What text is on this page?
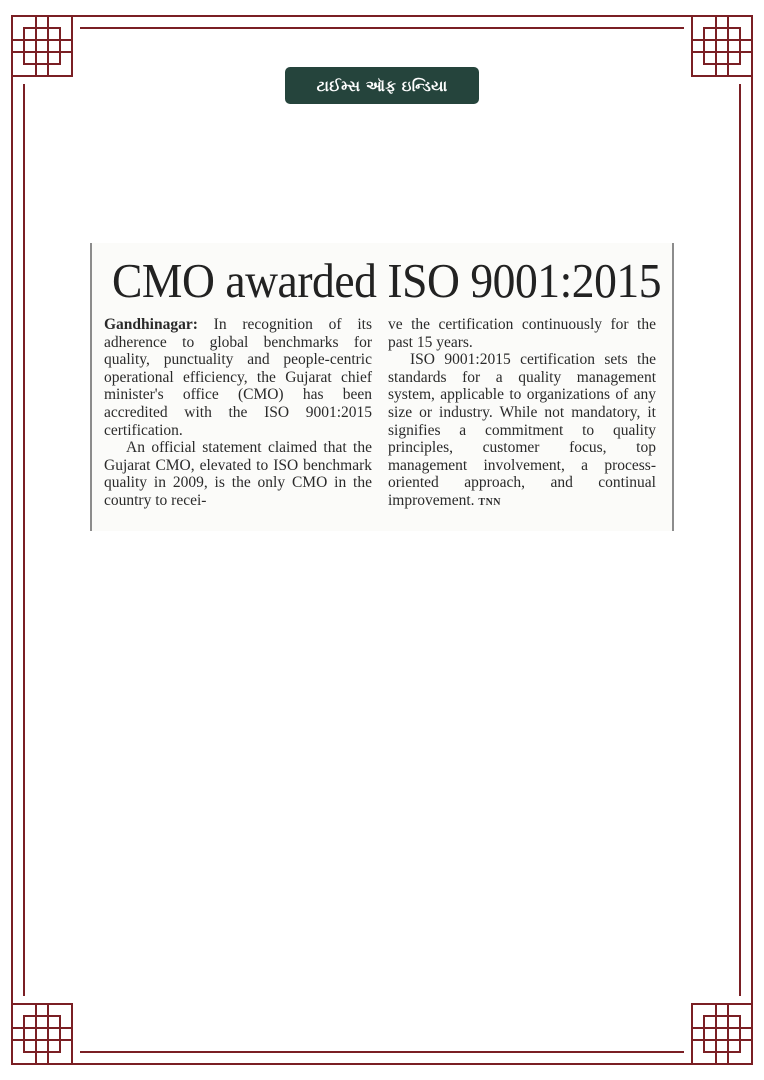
ટાઈમ્સ ઑફ ઇન્ડિયા
CMO awarded ISO 9001:2015

Gandhinagar: In recognition of its adherence to global benchmarks for quality, punctuality and people-centric operational efficiency, the Gujarat chief minister's office (CMO) has been accredited with the ISO 9001:2015 certification.

An official statement claimed that the Gujarat CMO, elevated to ISO benchmark quality in 2009, is the only CMO in the country to recei-

ve the certification continuously for the past 15 years.

ISO 9001:2015 certification sets the standards for a quality management system, applicable to organizations of any size or industry. While not mandatory, it signifies a commitment to quality principles, customer focus, top management involvement, a process-oriented approach, and continual improvement. TNN
